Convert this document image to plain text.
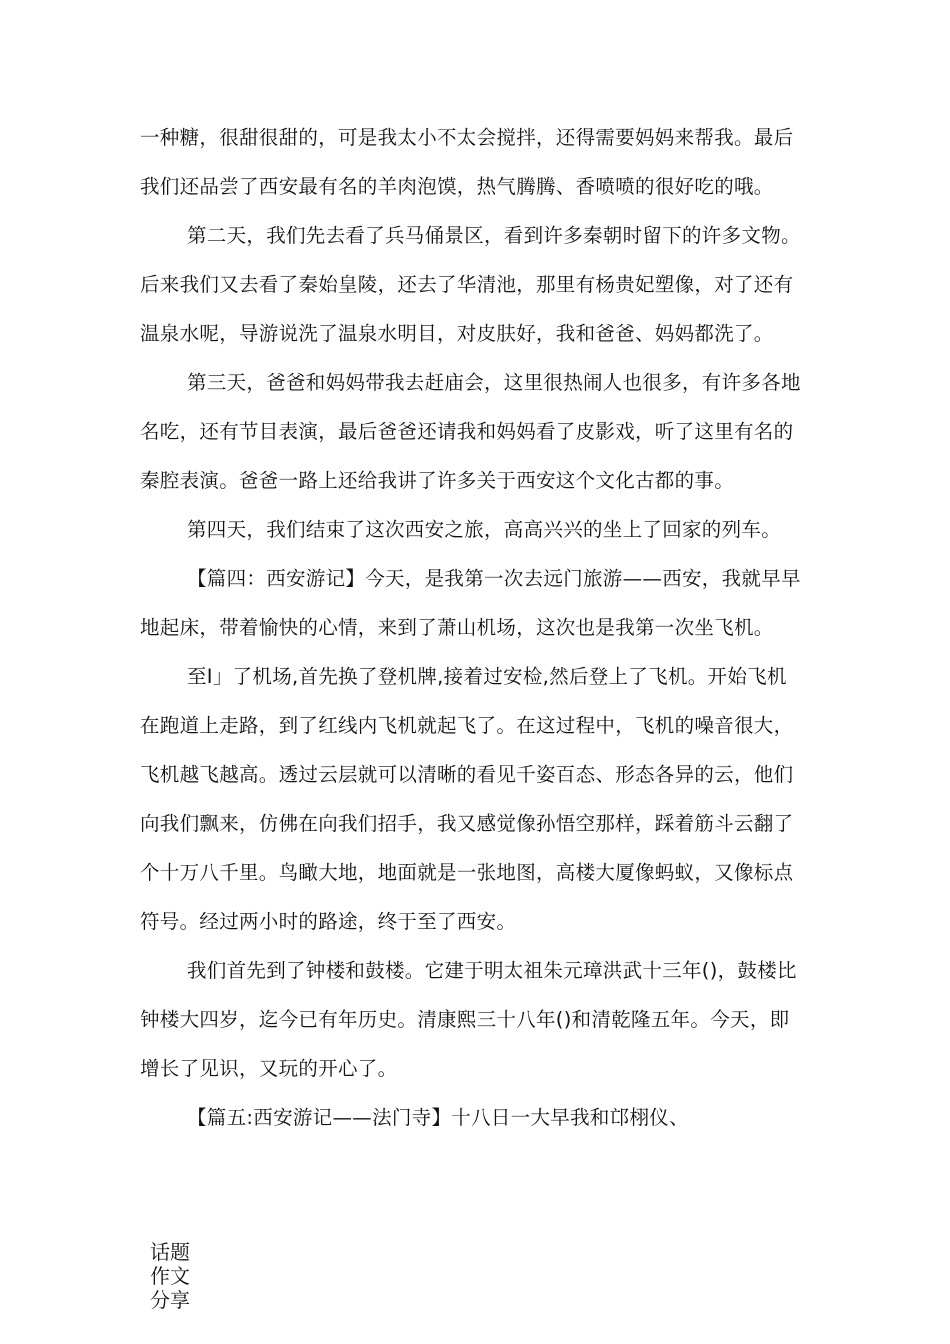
一种糖，很甜很甜的，可是我太小不太会搅拌，还得需要妈妈来帮我。最后
我们还品尝了西安最有名的羊肉泡馍，热气腾腾、香喷喷的很好吃的哦。
第二天，我们先去看了兵马俑景区，看到许多秦朝时留下的许多文物。
后来我们又去看了秦始皇陵，还去了华清池，那里有杨贵妃塑像，对了还有
温泉水呢，导游说洗了温泉水明目，对皮肤好，我和爸爸、妈妈都洗了。
第三天，爸爸和妈妈带我去赶庙会，这里很热闹人也很多，有许多各地
名吃，还有节目表演，最后爸爸还请我和妈妈看了皮影戏，听了这里有名的
秦腔表演。爸爸一路上还给我讲了许多关于西安这个文化古都的事。
第四天，我们结束了这次西安之旅，高高兴兴的坐上了回家的列车。
【篇四：西安游记】今天，是我第一次去远门旅游——西安，我就早早
地起床，带着愉快的心情，来到了萧山机场，这次也是我第一次坐飞机。
至I」了机场,首先换了登机牌,接着过安检,然后登上了飞机。开始飞机
在跑道上走路，到了红线内飞机就起飞了。在这过程中，飞机的噪音很大，
飞机越飞越高。透过云层就可以清晰的看见千姿百态、形态各异的云，他们
向我们飘来，仿佛在向我们招手，我又感觉像孙悟空那样，踩着筋斗云翻了
个十万八千里。鸟瞰大地，地面就是一张地图，高楼大厦像蚂蚁，又像标点
符号。经过两小时的路途，终于至了西安。
我们首先到了钟楼和鼓楼。它建于明太祖朱元璋洪武十三年()，鼓楼比
钟楼大四岁，迄今已有年历史。清康熙三十八年()和清乾隆五年。今天，即
增长了见识，又玩的开心了。
【篇五:西安游记——法门寺】十八日一大早我和邙栩仪、
话题
作文
分享
